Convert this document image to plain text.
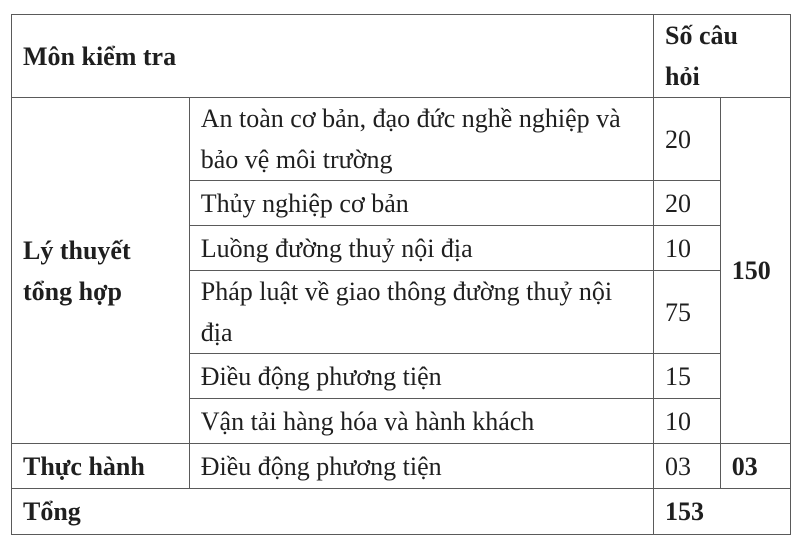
Môn kiểm tra		Số câu hỏi	
Lý thuyết tổng hợp	An toàn cơ bản, đạo đức nghề nghiệp và bảo vệ môi trường	20	150
	Thủy nghiệp cơ bản	20	
	Luồng đường thuỷ nội địa	10	
	Pháp luật về giao thông đường thuỷ nội địa	75	
	Điều động phương tiện	15	
	Vận tải hàng hóa và hành khách	10	
Thực hành	Điều động phương tiện	03	03
Tổng		153	
